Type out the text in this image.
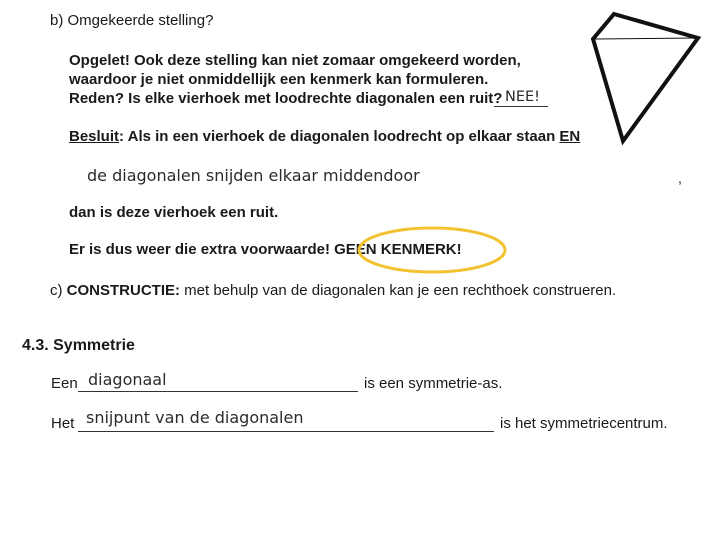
b) Omgekeerde stelling?
Opgelet! Ook deze stelling kan niet zomaar omgekeerd worden,
waardoor je niet onmiddellijk een kenmerk kan formuleren.
Reden? Is elke vierhoek met loodrechte diagonalen een ruit? NEE!
Besluit: Als in een vierhoek de diagonalen loodrecht op elkaar staan EN
de diagonalen snijden elkaar middendoor	,
dan is deze vierhoek een ruit.
Er is dus weer die extra voorwaarde! GEEN KENMERK!
c) CONSTRUCTIE: met behulp van de diagonalen kan je een rechthoek construeren.
4.3. Symmetrie
Een diagonaal	is een symmetrie-as.
Het snijpunt van de diagonalen	is het symmetriecentrum.
